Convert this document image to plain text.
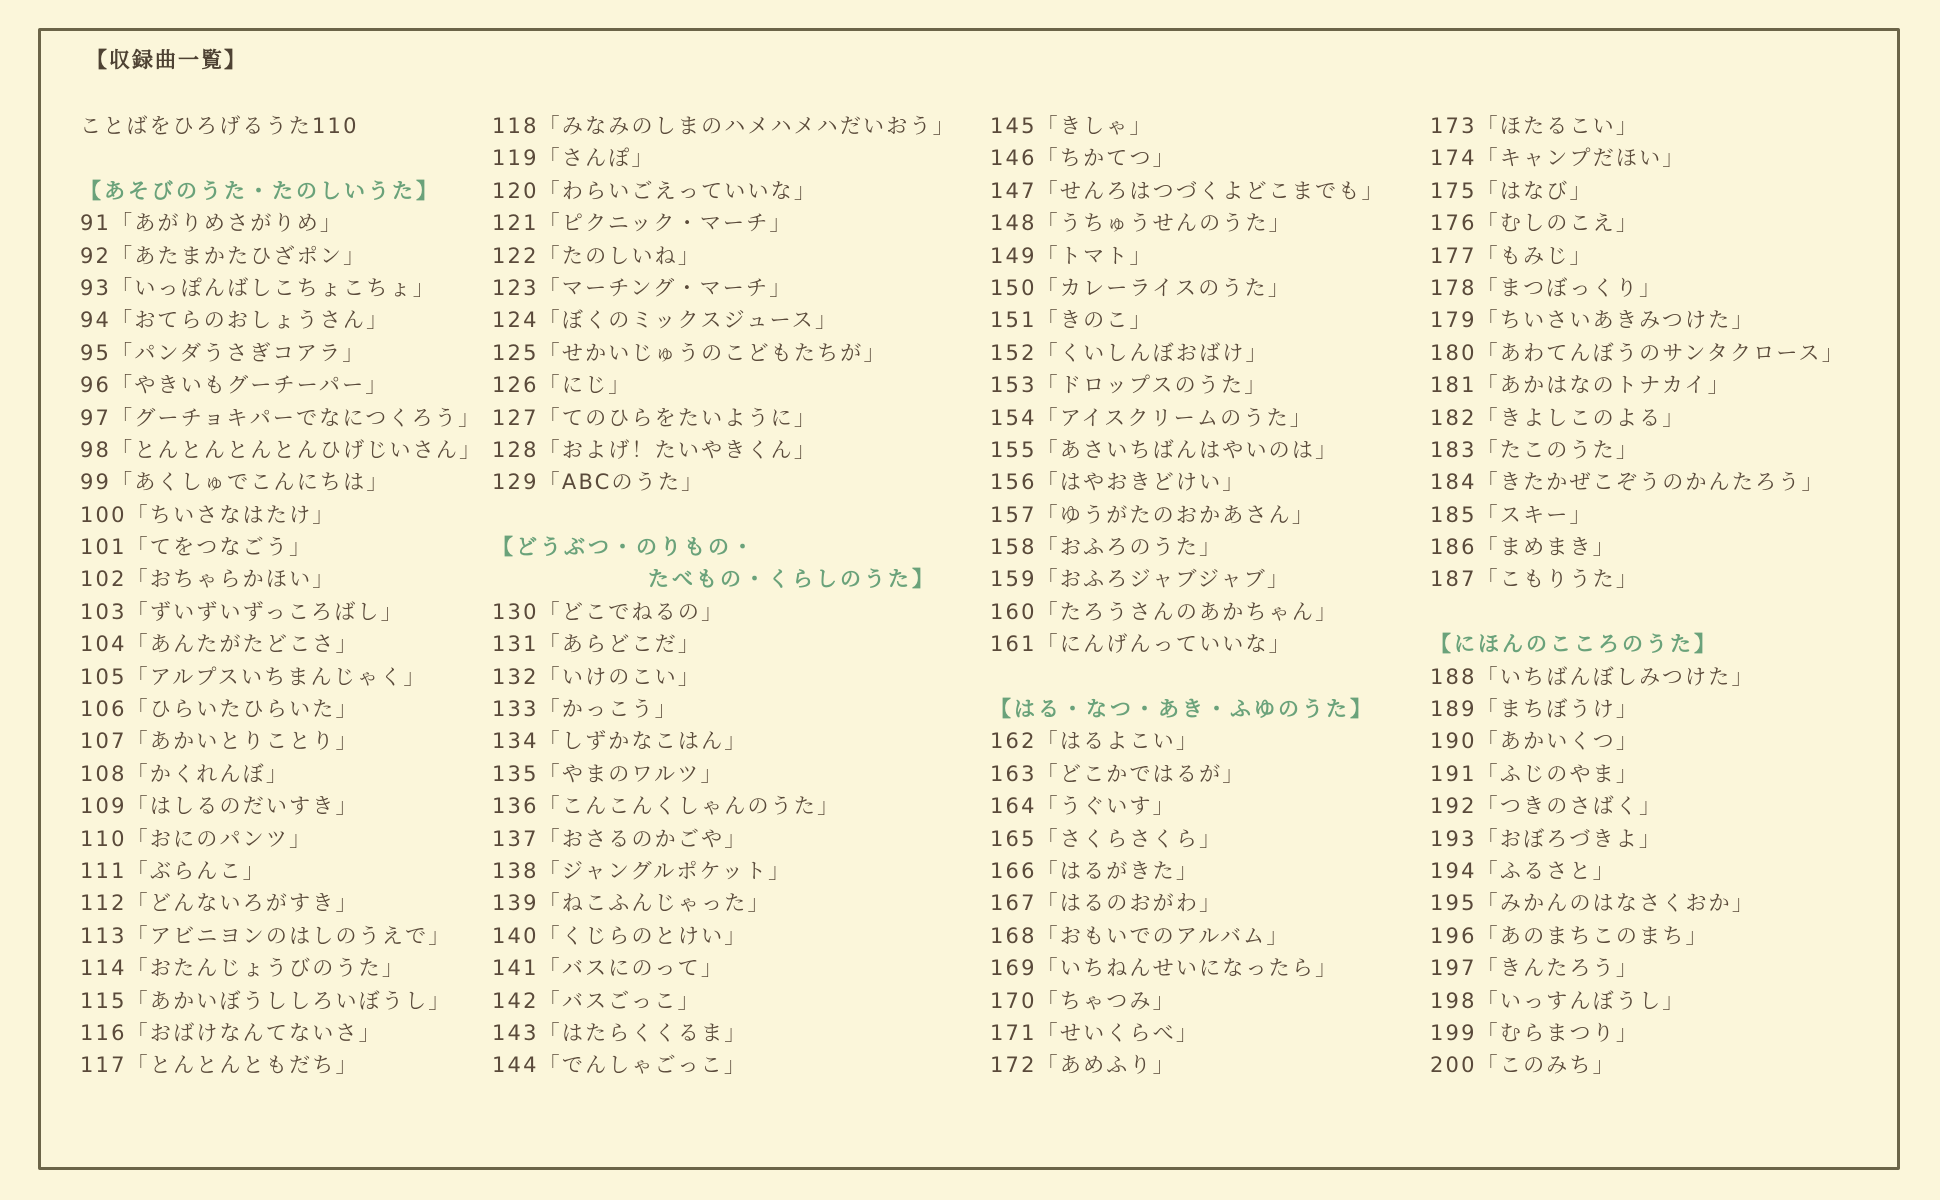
【収録曲一覧】
ことばをひろげるうた110
【あそびのうた・たのしいうた】
91「あがりめさがりめ」
92「あたまかたひざポン」
93「いっぽんばしこちょこちょ」
94「おてらのおしょうさん」
95「パンダうさぎコアラ」
96「やきいもグーチーパー」
97「グーチョキパーでなにつくろう」
98「とんとんとんとんひげじいさん」
99「あくしゅでこんにちは」
100「ちいさなはたけ」
101「てをつなごう」
102「おちゃらかほい」
103「ずいずいずっころばし」
104「あんたがたどこさ」
105「アルプスいちまんじゃく」
106「ひらいたひらいた」
107「あかいとりことり」
108「かくれんぼ」
109「はしるのだいすき」
110「おにのパンツ」
111「ぶらんこ」
112「どんないろがすき」
113「アビニヨンのはしのうえで」
114「おたんじょうびのうた」
115「あかいぼうししろいぼうし」
116「おばけなんてないさ」
117「とんとんともだち」
118「みなみのしまのハメハメハだいおう」
119「さんぽ」
120「わらいごえっていいな」
121「ピクニック・マーチ」
122「たのしいね」
123「マーチング・マーチ」
124「ぼくのミックスジュース」
125「せかいじゅうのこどもたちが」
126「にじ」
127「てのひらをたいように」
128「およげ！たいやきくん」
129「ABCのうた」
【どうぶつ・のりもの・
たべもの・くらしのうた】
130「どこでねるの」
131「あらどこだ」
132「いけのこい」
133「かっこう」
134「しずかなこはん」
135「やまのワルツ」
136「こんこんくしゃんのうた」
137「おさるのかごや」
138「ジャングルポケット」
139「ねこふんじゃった」
140「くじらのとけい」
141「バスにのって」
142「バスごっこ」
143「はたらくくるま」
144「でんしゃごっこ」
145「きしゃ」
146「ちかてつ」
147「せんろはつづくよどこまでも」
148「うちゅうせんのうた」
149「トマト」
150「カレーライスのうた」
151「きのこ」
152「くいしんぼおばけ」
153「ドロップスのうた」
154「アイスクリームのうた」
155「あさいちばんはやいのは」
156「はやおきどけい」
157「ゆうがたのおかあさん」
158「おふろのうた」
159「おふろジャブジャブ」
160「たろうさんのあかちゃん」
161「にんげんっていいな」
【はる・なつ・あき・ふゆのうた】
162「はるよこい」
163「どこかではるが」
164「うぐいす」
165「さくらさくら」
166「はるがきた」
167「はるのおがわ」
168「おもいでのアルバム」
169「いちねんせいになったら」
170「ちゃつみ」
171「せいくらべ」
172「あめふり」
173「ほたるこい」
174「キャンプだほい」
175「はなび」
176「むしのこえ」
177「もみじ」
178「まつぼっくり」
179「ちいさいあきみつけた」
180「あわてんぼうのサンタクロース」
181「あかはなのトナカイ」
182「きよしこのよる」
183「たこのうた」
184「きたかぜこぞうのかんたろう」
185「スキー」
186「まめまき」
187「こもりうた」
【にほんのこころのうた】
188「いちばんぼしみつけた」
189「まちぼうけ」
190「あかいくつ」
191「ふじのやま」
192「つきのさばく」
193「おぼろづきよ」
194「ふるさと」
195「みかんのはなさくおか」
196「あのまちこのまち」
197「きんたろう」
198「いっすんぼうし」
199「むらまつり」
200「このみち」
